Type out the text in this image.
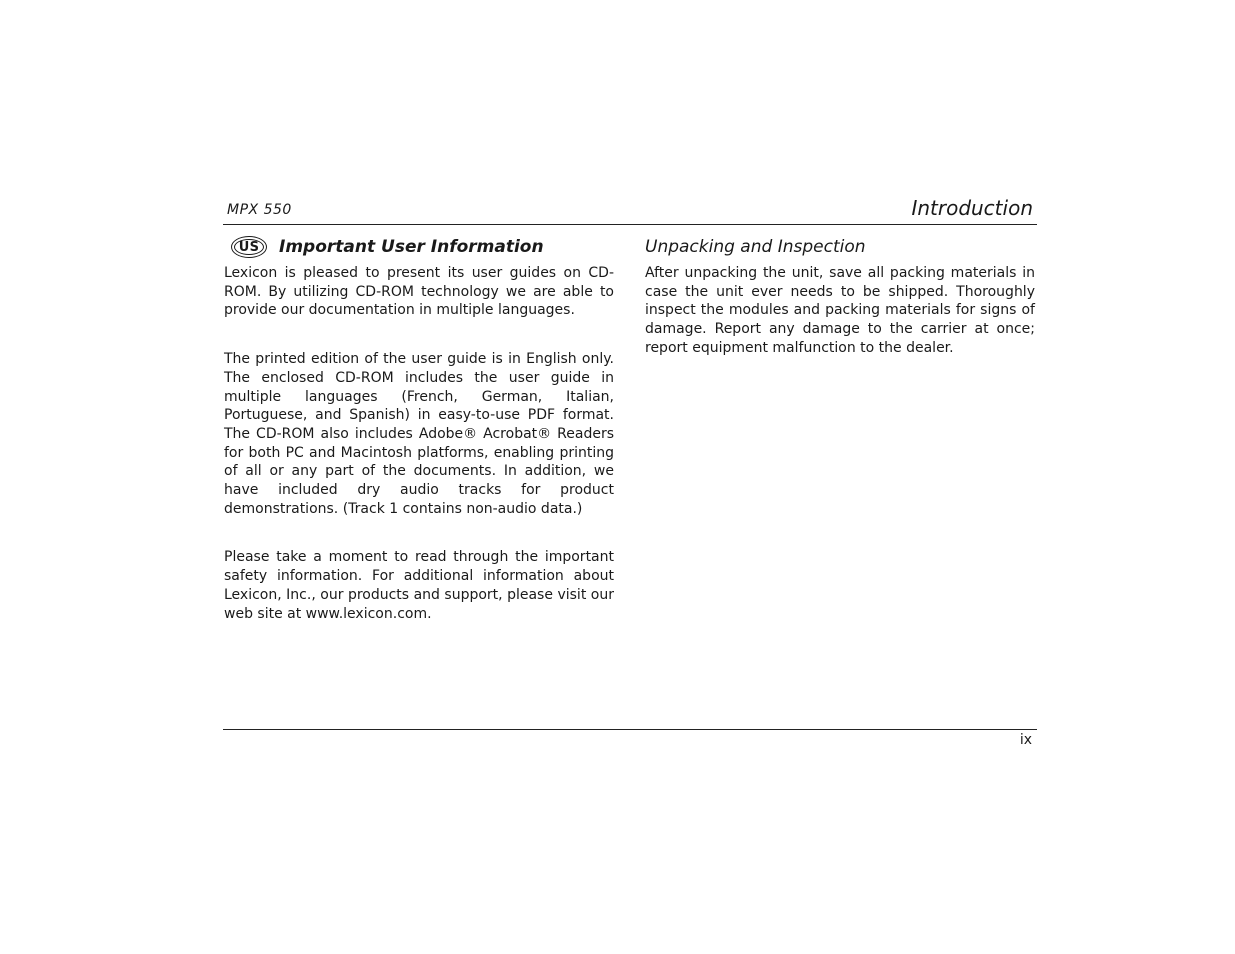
MPX 550	Introduction
US	Important User Information

Lexicon is pleased to present its user guides on CD-ROM. By utilizing CD-ROM technology we are able to provide our documentation in multiple languages.

The printed edition of the user guide is in English only. The enclosed CD-ROM includes the user guide in multiple languages (French, German, Italian, Portuguese, and Spanish) in easy-to-use PDF format. The CD-ROM also includes Adobe® Acrobat® Readers for both PC and Macintosh platforms, enabling printing of all or any part of the documents. In addition, we have included dry audio tracks for product demonstrations. (Track 1 contains non-audio data.)

Please take a moment to read through the important safety information. For additional information about Lexicon, Inc., our products and support, please visit our web site at www.lexicon.com.

Unpacking and Inspection

After unpacking the unit, save all packing materials in case the unit ever needs to be shipped. Thoroughly inspect the modules and packing materials for signs of damage. Report any damage to the carrier at once; report equipment malfunction to the dealer.

ix
